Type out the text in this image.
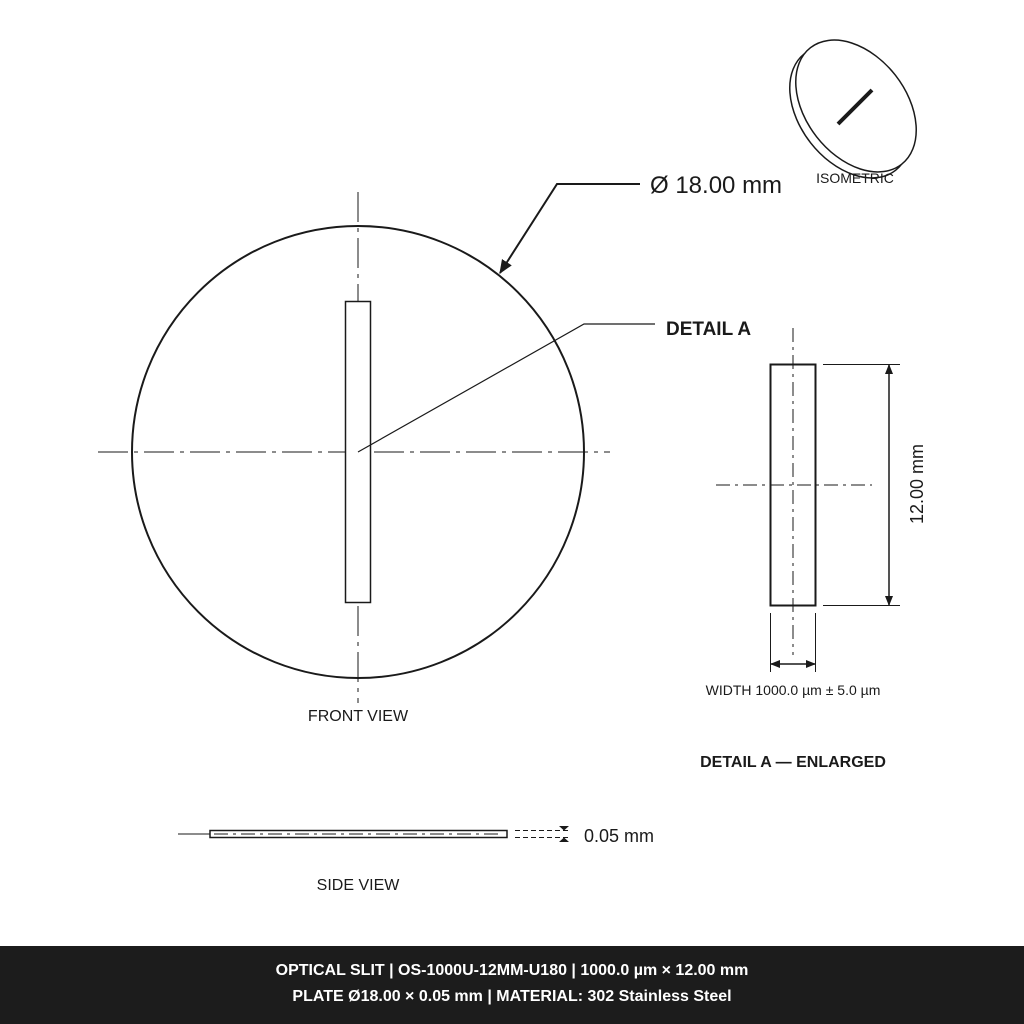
FRONT VIEW
Ø 18.00 mm
DETAIL A
ISOMETRIC
12.00 mm
WIDTH 1000.0 µm ± 5.0 µm
DETAIL A — ENLARGED
0.05 mm
SIDE VIEW
OPTICAL SLIT | OS-1000U-12MM-U180 | 1000.0 µm × 12.00 mm
PLATE Ø18.00 × 0.05 mm | MATERIAL: 302 Stainless Steel
